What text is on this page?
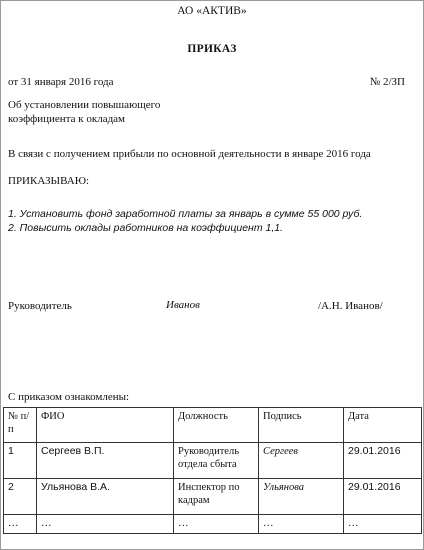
АО «АКТИВ»
ПРИКАЗ
от 31 января 2016 года	№ 2/ЗП
Об установлении повышающего
коэффициента к окладам
В связи с получением прибыли по основной деятельности в январе 2016 года
ПРИКАЗЫВАЮ:
1. Установить фонд заработной платы за январь в сумме 55 000 руб.
2. Повысить оклады работников на коэффициент 1,1.
Руководитель	Иванов	/А.Н. Иванов/
С приказом ознакомлены:
№ п/п	ФИО	Должность	Подпись	Дата
1	Сергеев В.П.	Руководитель отдела сбыта	Сергеев	29.01.2016
2	Ульянова В.А.	Инспектор по кадрам	Ульянова	29.01.2016
…	…	…	…	…
